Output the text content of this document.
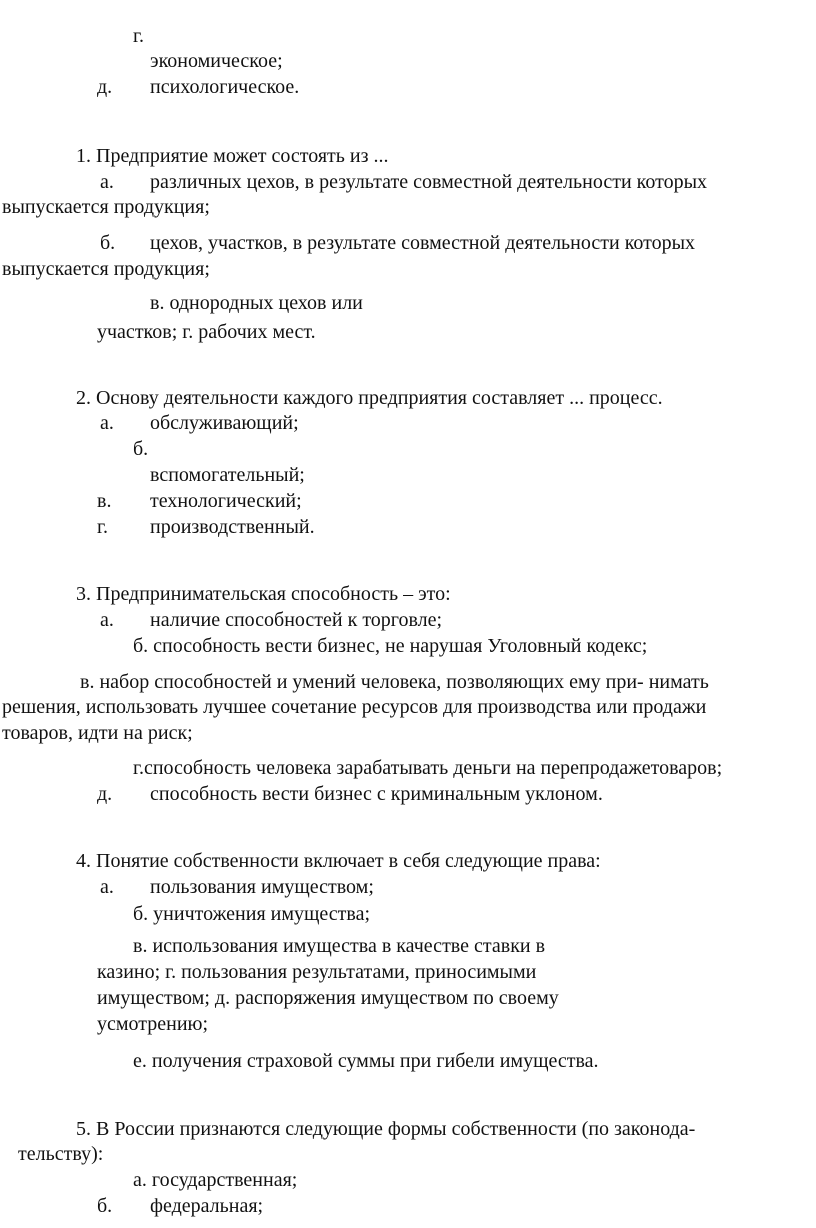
г.
экономическое;
д. психологическое.
1. Предприятие может состоять из ...
а. различных цехов, в результате совместной деятельности которых
выпускается продукция;
б. цехов, участков, в результате совместной деятельности которых
выпускается продукция;
в. однородных цехов или
участков; г. рабочих мест.
2. Основу деятельности каждого предприятия составляет ... процесс.
а. обслуживающий;
б.
вспомогательный;
в. технологический;
г. производственный.
3. Предпринимательская способность – это:
а. наличие способностей к торговле;
б. способность вести бизнес, не нарушая Уголовный кодекс;
в. набор способностей и умений человека, позволяющих ему при- нимать
решения, использовать лучшее сочетание ресурсов для производства или продажи
товаров, идти на риск;
г.способность человека зарабатывать деньги на перепродажетоваров;
д. способность вести бизнес с криминальным уклоном.
4. Понятие собственности включает в себя следующие права:
а. пользования имуществом;
б. уничтожения имущества;
в. использования имущества в качестве ставки в
казино; г. пользования результатами, приносимыми
имуществом; д. распоряжения имуществом по своему
усмотрению;
е. получения страховой суммы при гибели имущества.
5. В России признаются следующие формы собственности (по законода-
тельству):
а. государственная;
б. федеральная;
